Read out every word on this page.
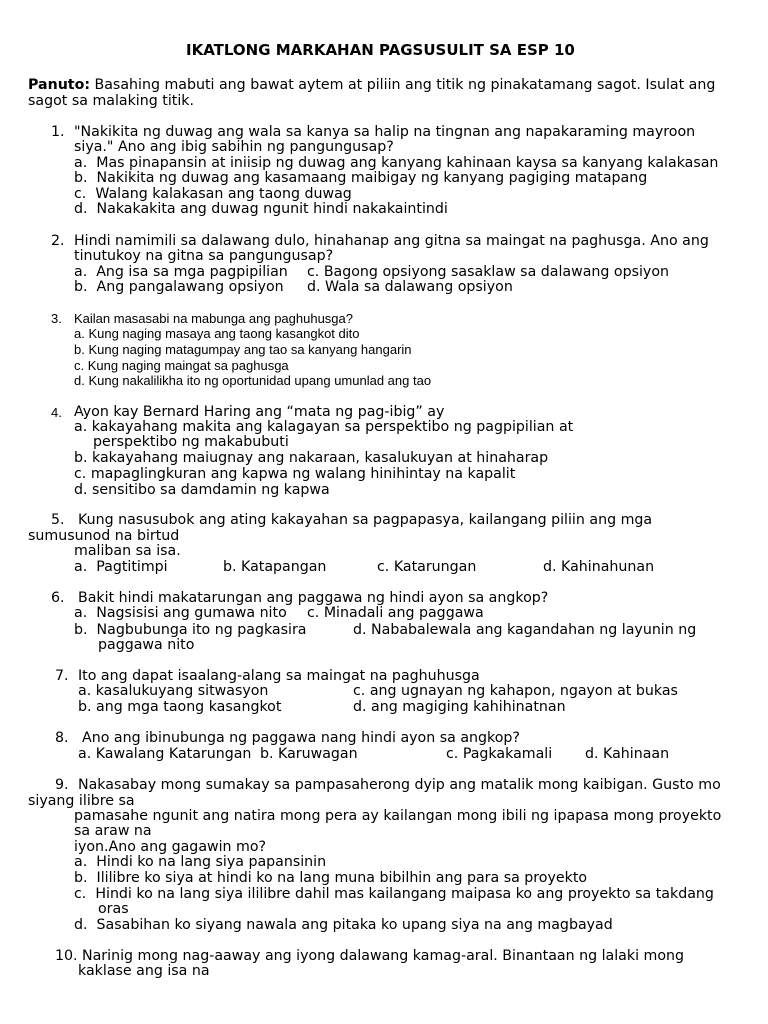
IKATLONG MARKAHAN PAGSUSULIT SA ESP 10
Panuto: Basahing mabuti ang bawat aytem at piliin ang titik ng pinakatamang sagot. Isulat ang
sagot sa malaking titik.
1. "Nakikita ng duwag ang wala sa kanya sa halip na tingnan ang napakaraming mayroon
siya." Ano ang ibig sabihin ng pangungusap?
a.  Mas pinapansin at iniisip ng duwag ang kanyang kahinaan kaysa sa kanyang kalakasan
b.  Nakikita ng duwag ang kasamaang maibigay ng kanyang pagiging matapang
c.  Walang kalakasan ang taong duwag
d.  Nakakakita ang duwag ngunit hindi nakakaintindi
2. Hindi namimili sa dalawang dulo, hinahanap ang gitna sa maingat na paghusga. Ano ang
tinutukoy na gitna sa pangungusap?
a.  Ang isa sa mga pagpipilian c. Bagong opsiyong sasaklaw sa dalawang opsiyon
b.  Ang pangalawang opsiyon d. Wala sa dalawang opsiyon
3. Kailan masasabi na mabunga ang paghuhusga?
a. Kung naging masaya ang taong kasangkot dito
b. Kung naging matagumpay ang tao sa kanyang hangarin
c. Kung naging maingat sa paghusga
d. Kung nakalilikha ito ng oportunidad upang umunlad ang tao
4. Ayon kay Bernard Haring ang “mata ng pag-ibig” ay
a. kakayahang makita ang kalagayan sa perspektibo ng pagpipilian at
perspektibo ng makabubuti
b. kakayahang maiugnay ang nakaraan, kasalukuyan at hinaharap
c. mapaglingkuran ang kapwa ng walang hinihintay na kapalit
d. sensitibo sa damdamin ng kapwa
5. Kung nasusubok ang ating kakayahan sa pagpapasya, kailangang piliin ang mga
sumusunod na birtud
maliban sa isa.
a.  Pagtitimpi	b. Katapangan	c. Katarungan	d. Kahinahunan
6. Bakit hindi makatarungan ang paggawa ng hindi ayon sa angkop?
a.  Nagsisisi ang gumawa nito c. Minadali ang paggawa
b.  Nagbubunga ito ng pagkasira	d. Nababalewala ang kagandahan ng layunin ng
paggawa nito
7. Ito ang dapat isaalang-alang sa maingat na paghuhusga
a. kasalukuyang sitwasyon	c. ang ugnayan ng kahapon, ngayon at bukas
b. ang mga taong kasangkot	d. ang magiging kahihinatnan
8. Ano ang ibinubunga ng paggawa nang hindi ayon sa angkop?
a. Kawalang Katarungan b. Karuwagan	c. Pagkakamali d. Kahinaan
9. Nakasabay mong sumakay sa pampasaherong dyip ang matalik mong kaibigan. Gusto mo
siyang ilibre sa
pamasahe ngunit ang natira mong pera ay kailangan mong ibili ng ipapasa mong proyekto
sa araw na
iyon.Ano ang gagawin mo?
a.  Hindi ko na lang siya papansinin
b.  Ililibre ko siya at hindi ko na lang muna bibilhin ang para sa proyekto
c.  Hindi ko na lang siya ililibre dahil mas kailangang maipasa ko ang proyekto sa takdang
oras
d.  Sasabihan ko siyang nawala ang pitaka ko upang siya na ang magbayad
10. Narinig mong nag-aaway ang iyong dalawang kamag-aral. Binantaan ng lalaki mong
kaklase ang isa na
